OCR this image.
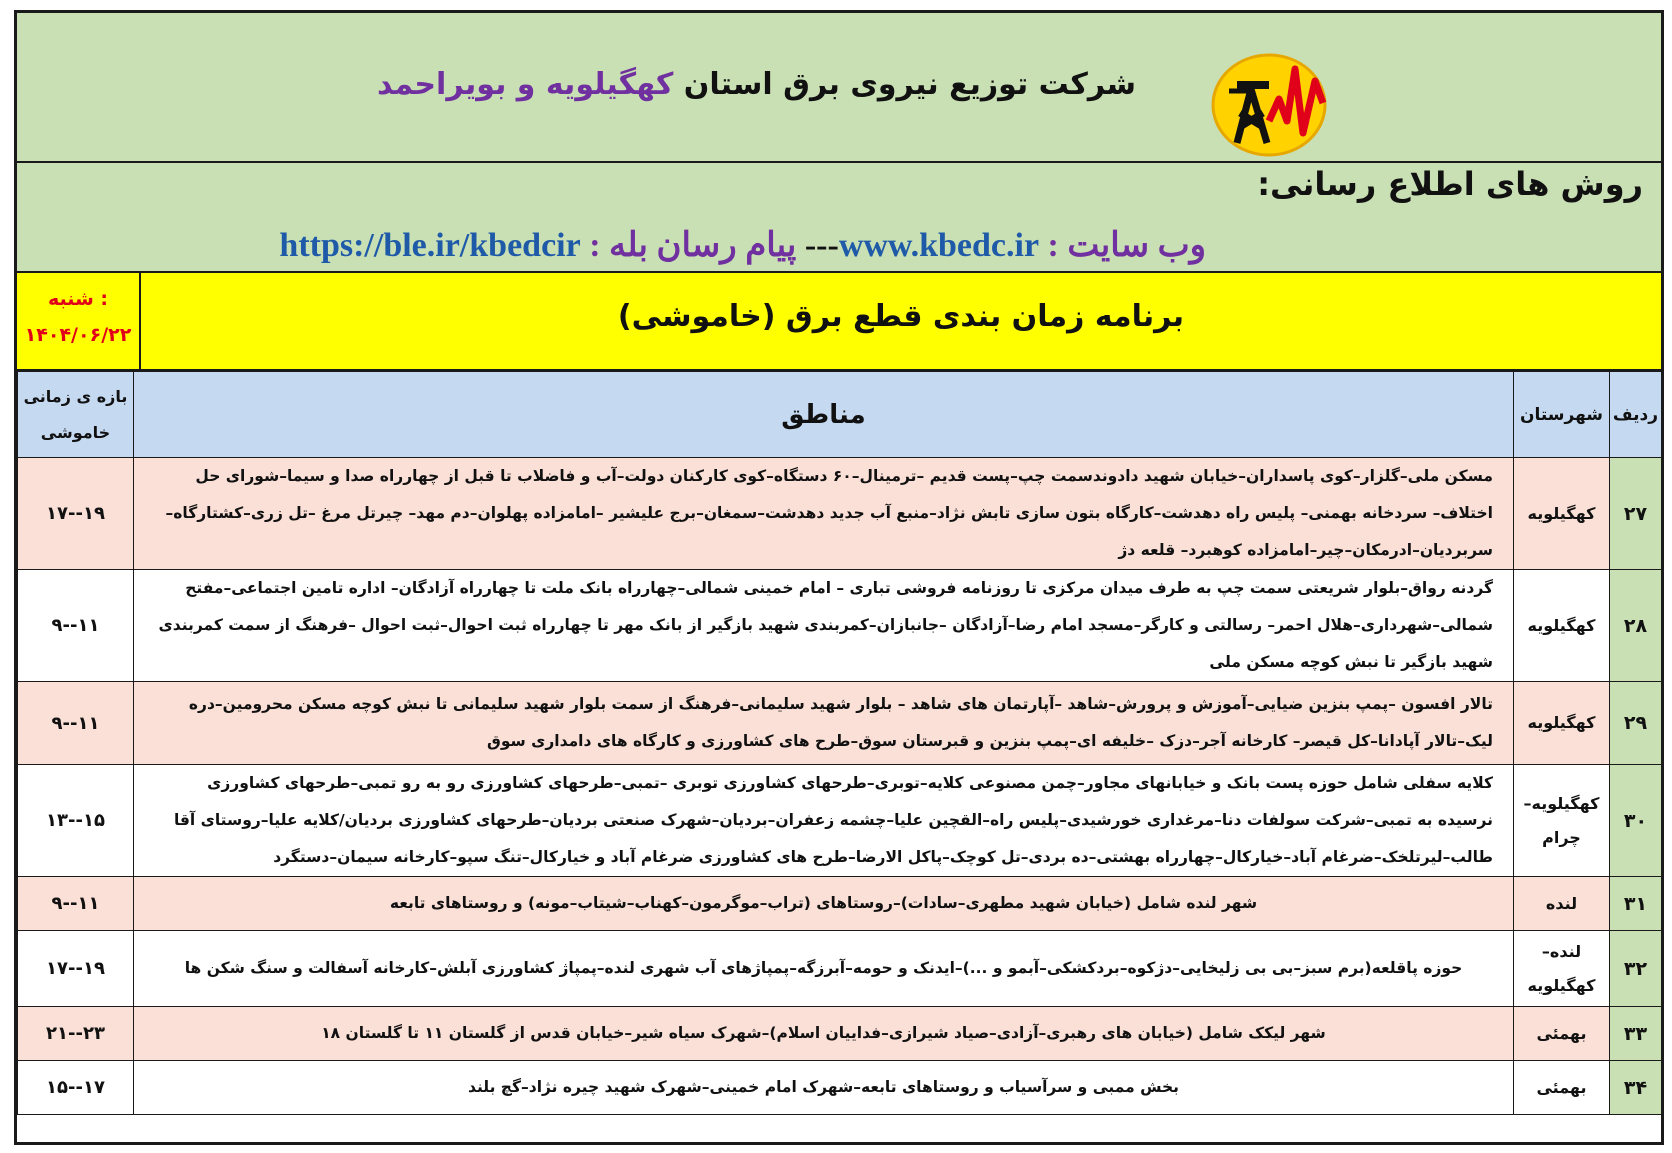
شرکت توزیع نیروی برق استان کهگیلویه و بویراحمد
روش های اطلاع رسانی:
وب سایت : www.kbedc.ir--- پیام رسان بله : https://ble.ir/kbedcir
شنبه :
۱۴۰۴/۰۶/۲۲
برنامه زمان بندی قطع برق (خاموشی)
ردیف	شهرستان	مناطق	بازه ی زمانی خاموشی
۲۷	کهگیلویه	مسکن ملی–گلزار–کوی پاسداران–خیابان شهید دادوندسمت چپ–پست قدیم –ترمینال–۶۰ دستگاه–کوی کارکنان دولت–آب و فاضلاب تا قبل از چهارراه صدا و سیما–شورای حل اختلاف– سردخانه بهمنی– پلیس راه دهدشت–کارگاه بتون سازی تابش نژاد–منبع آب جدید دهدشت–سمغان–برج علیشیر –امامزاده پهلوان–دم مهد– چیرتل مرغ –تل زری–کشتارگاه–سربردیان–ادرمکان–چیر–امامزاده کوهبرد– قلعه دژ	۱۹--۱۷
۲۸	کهگیلویه	گردنه رواق–بلوار شریعتی سمت چپ به طرف میدان مرکزی تا روزنامه فروشی تباری – امام خمینی شمالی–چهارراه بانک ملت تا چهارراه آزادگان– اداره تامین اجتماعی–مفتح شمالی–شهرداری–هلال احمر– رسالتی و کارگر–مسجد امام رضا–آزادگان –جانبازان–کمربندی شهید بازگیر از بانک مهر تا چهارراه ثبت احوال–ثبت احوال –فرهنگ از سمت کمربندی شهید بازگیر تا نبش کوچه مسکن ملی	۱۱--۹
۲۹	کهگیلویه	تالار افسون –پمپ بنزین ضیایی–آموزش و پرورش–شاهد –آپارتمان های شاهد – بلوار شهید سلیمانی–فرهنگ از سمت بلوار شهید سلیمانی تا نبش کوچه مسکن محرومین–دره لیک–تالار آپادانا–کل قیصر– کارخانه آجر–دزک –خلیفه ای–پمپ بنزین و قبرستان سوق–طرح های کشاورزی و کارگاه های دامداری سوق	۱۱--۹
۳۰	کهگیلویه– چرام	کلایه سفلی شامل حوزه پست بانک و خیابانهای مجاور–چمن مصنوعی کلایه–توبری–طرحهای کشاورزی توبری –تمبی–طرحهای کشاورزی رو به رو تمبی–طرحهای کشاورزی نرسیده به تمبی–شرکت سولفات دنا–مرغداری خورشیدی–پلیس راه–القچین علیا–چشمه زعفران–بردیان–شهرک صنعتی بردیان–طرحهای کشاورزی بردیان/کلایه علیا–روستای آقا طالب–لیرتلخک–ضرغام آباد–خیارکال–چهارراه بهشتی–ده بردی–تل کوچک–پاکل الارضا–طرح های کشاورزی ضرغام آباد و خیارکال–تنگ سپو–کارخانه سیمان–دستگرد	۱۵--۱۳
۳۱	لنده	شهر لنده شامل (خیابان شهید مطهری–سادات)–روستاهای (تراب–موگرمون–کهناب–شیتاب–مونه) و روستاهای تابعه	۱۱--۹
۳۲	لنده– کهگیلویه	حوزه پاقلعه(برم سبز–بی بی زلیخایی–دژکوه–بردکشکی–آبمو و ...)–ایدنک و حومه–آبرزگه–پمپاژهای آب شهری لنده–پمپاژ کشاورزی آبلش–کارخانه آسفالت و سنگ شکن ها	۱۹--۱۷
۳۳	بهمئی	شهر لیکک شامل (خیابان های رهبری–آزادی–صیاد شیرازی–فداییان اسلام)–شهرک سیاه شیر–خیابان قدس از گلستان ۱۱ تا گلستان ۱۸	۲۳--۲۱
۳۴	بهمئی	بخش ممبی و سرآسیاب و روستاهای تابعه–شهرک امام خمینی–شهرک شهید چیره نژاد–گچ بلند	۱۷--۱۵
